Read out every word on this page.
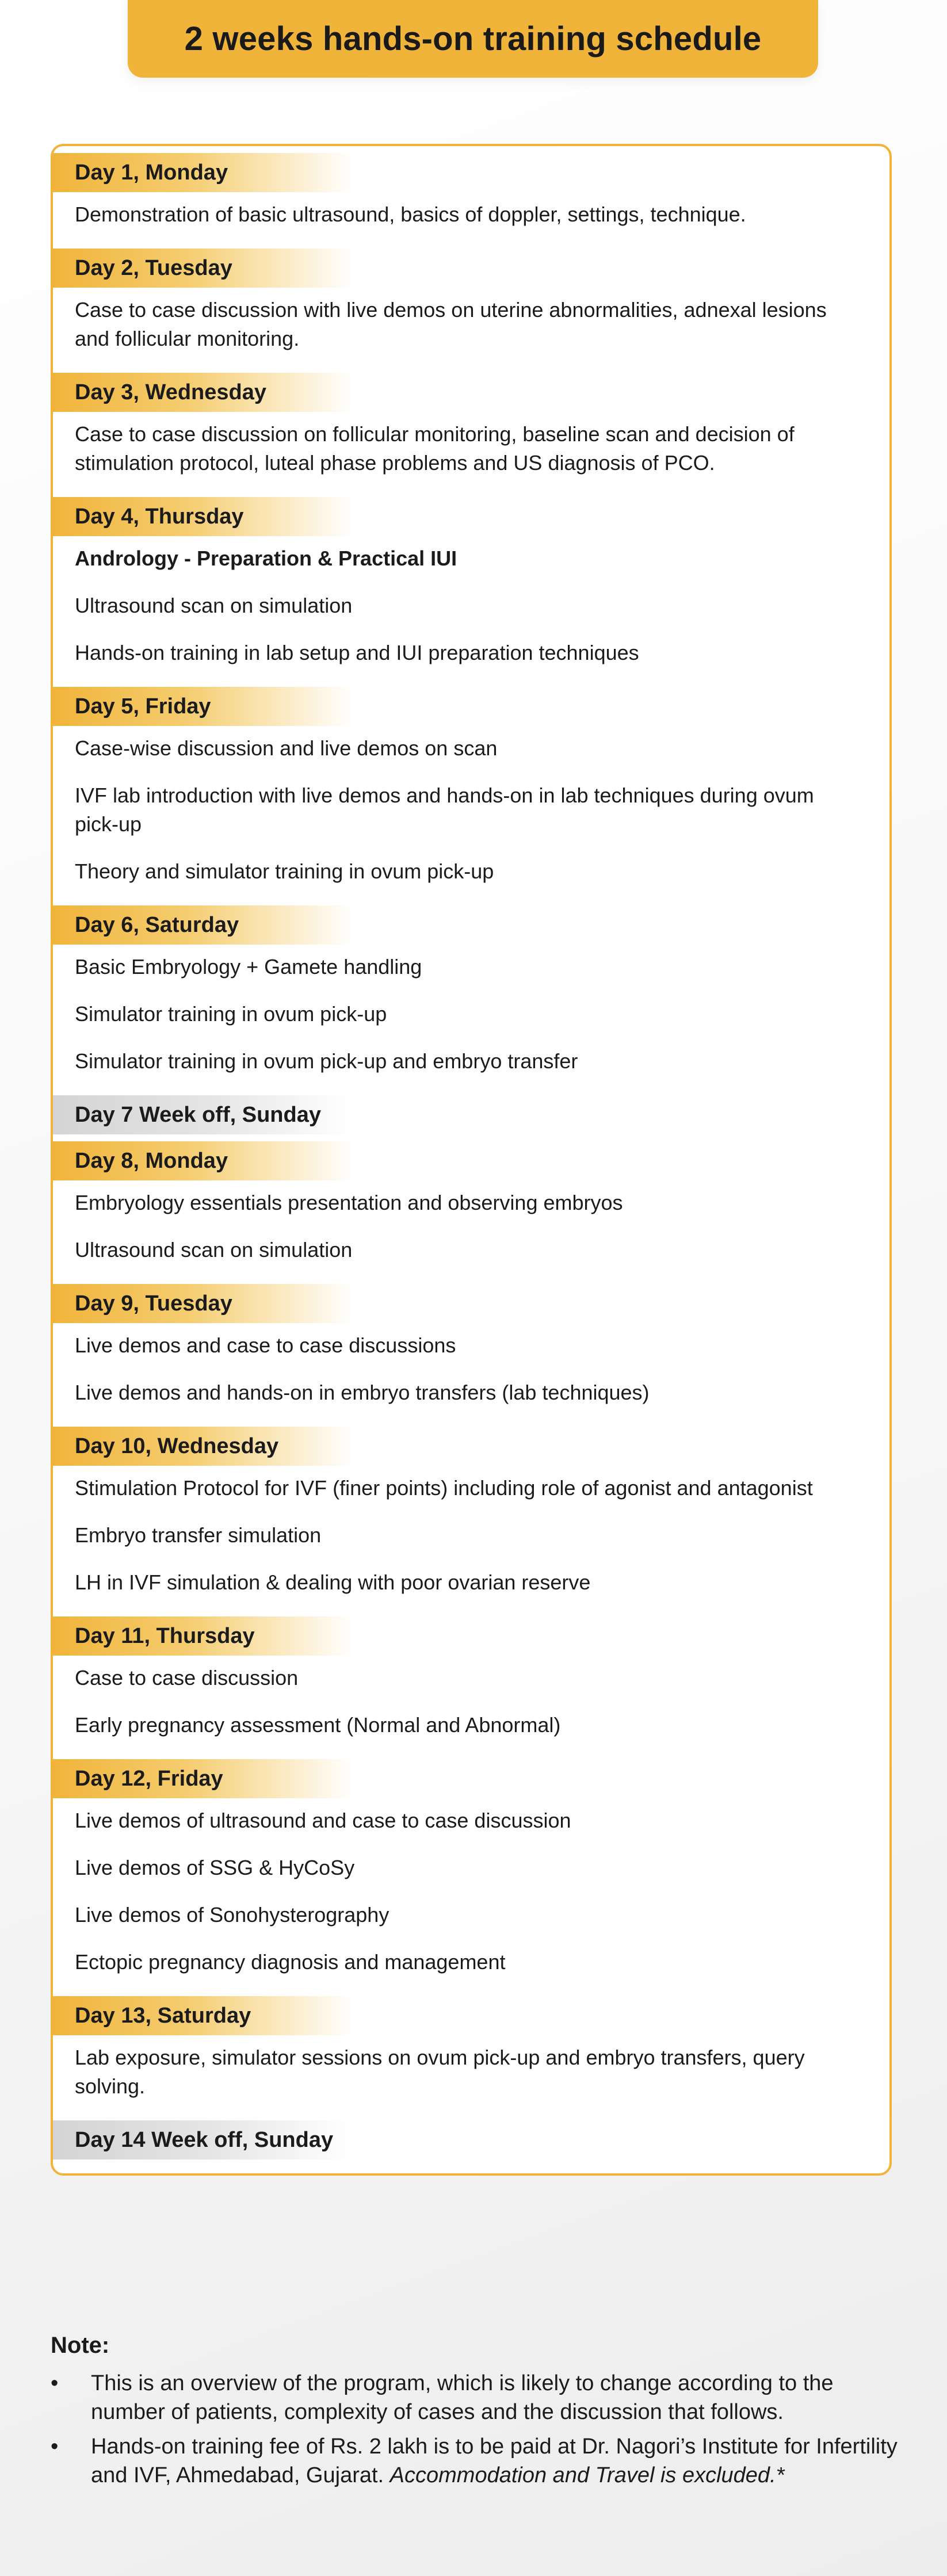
2 weeks hands-on training schedule
Day 1, Monday
Demonstration of basic ultrasound, basics of doppler, settings, technique.
Day 2, Tuesday
Case to case discussion with live demos on uterine abnormalities, adnexal lesions and follicular monitoring.
Day 3, Wednesday
Case to case discussion on follicular monitoring, baseline scan and decision of stimulation protocol, luteal phase problems and US diagnosis of PCO.
Day 4, Thursday
Andrology - Preparation & Practical IUI
Ultrasound scan on simulation
Hands-on training in lab setup and IUI preparation techniques
Day 5, Friday
Case-wise discussion and live demos on scan
IVF lab introduction with live demos and hands-on in lab techniques during ovum pick-up
Theory and simulator training in ovum pick-up
Day 6, Saturday
Basic Embryology + Gamete handling
Simulator training in ovum pick-up
Simulator training in ovum pick-up and embryo transfer
Day 7 Week off, Sunday
Day 8, Monday
Embryology essentials presentation and observing embryos
Ultrasound scan on simulation
Day 9, Tuesday
Live demos and case to case discussions
Live demos and hands-on in embryo transfers (lab techniques)
Day 10, Wednesday
Stimulation Protocol for IVF (finer points) including role of agonist and antagonist
Embryo transfer simulation
LH in IVF simulation & dealing with poor ovarian reserve
Day 11, Thursday
Case to case discussion
Early pregnancy assessment (Normal and Abnormal)
Day 12, Friday
Live demos of ultrasound and case to case discussion
Live demos of SSG & HyCoSy
Live demos of Sonohysterography
Ectopic pregnancy diagnosis and management
Day 13, Saturday
Lab exposure, simulator sessions on ovum pick-up and embryo transfers, query solving.
Day 14 Week off, Sunday
Note:
• This is an overview of the program, which is likely to change according to the number of patients, complexity of cases and the discussion that follows.
• Hands-on training fee of Rs. 2 lakh is to be paid at Dr. Nagori’s Institute for Infertility and IVF, Ahmedabad, Gujarat. Accommodation and Travel is excluded.*
